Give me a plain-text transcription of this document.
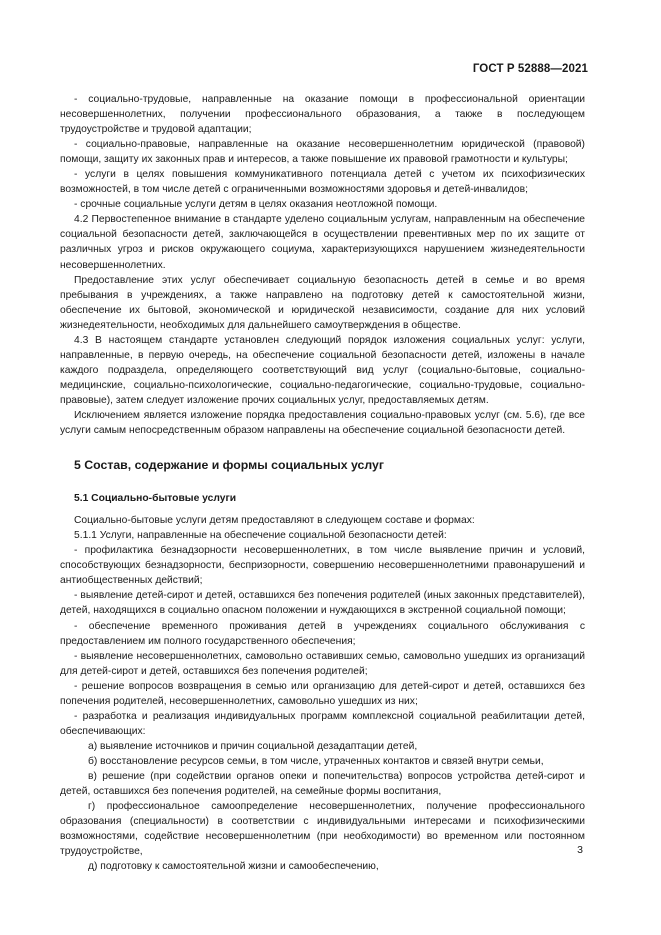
ГОСТ Р 52888—2021

- социально-трудовые, направленные на оказание помощи в профессиональной ориентации несовершеннолетних, получении профессионального образования, а также в последующем трудоустройстве и трудовой адаптации;

- социально-правовые, направленные на оказание несовершеннолетним юридической (правовой) помощи, защиту их законных прав и интересов, а также повышение их правовой грамотности и культуры;

- услуги в целях повышения коммуникативного потенциала детей с учетом их психофизических возможностей, в том числе детей с ограниченными возможностями здоровья и детей-инвалидов;

- срочные социальные услуги детям в целях оказания неотложной помощи.

4.2 Первостепенное внимание в стандарте уделено социальным услугам, направленным на обеспечение социальной безопасности детей, заключающейся в осуществлении превентивных мер по их защите от различных угроз и рисков окружающего социума, характеризующихся нарушением жизнедеятельности несовершеннолетних.

Предоставление этих услуг обеспечивает социальную безопасность детей в семье и во время пребывания в учреждениях, а также направлено на подготовку детей к самостоятельной жизни, обеспечение их бытовой, экономической и юридической независимости, создание для них условий жизнедеятельности, необходимых для дальнейшего самоутверждения в обществе.

4.3 В настоящем стандарте установлен следующий порядок изложения социальных услуг: услуги, направленные, в первую очередь, на обеспечение социальной безопасности детей, изложены в начале каждого подраздела, определяющего соответствующий вид услуг (социально-бытовые, социально-медицинские, социально-психологические, социально-педагогические, социально-трудовые, социально-правовые), затем следует изложение прочих социальных услуг, предоставляемых детям.

Исключением является изложение порядка предоставления социально-правовых услуг (см. 5.6), где все услуги самым непосредственным образом направлены на обеспечение социальной безопасности детей.

5 Состав, содержание и формы социальных услуг
5.1 Социально-бытовые услуги

Социально-бытовые услуги детям предоставляют в следующем составе и формах:

5.1.1 Услуги, направленные на обеспечение социальной безопасности детей:

- профилактика безнадзорности несовершеннолетних, в том числе выявление причин и условий, способствующих безнадзорности, беспризорности, совершению несовершеннолетними правонарушений и антиобщественных действий;

- выявление детей-сирот и детей, оставшихся без попечения родителей (иных законных представителей), детей, находящихся в социально опасном положении и нуждающихся в экстренной социальной помощи;

- обеспечение временного проживания детей в учреждениях социального обслуживания с предоставлением им полного государственного обеспечения;

- выявление несовершеннолетних, самовольно оставивших семью, самовольно ушедших из организаций для детей-сирот и детей, оставшихся без попечения родителей;

- решение вопросов возвращения в семью или организацию для детей-сирот и детей, оставшихся без попечения родителей, несовершеннолетних, самовольно ушедших из них;

- разработка и реализация индивидуальных программ комплексной социальной реабилитации детей, обеспечивающих:

а) выявление источников и причин социальной дезадаптации детей,

б) восстановление ресурсов семьи, в том числе, утраченных контактов и связей внутри семьи,

в) решение (при содействии органов опеки и попечительства) вопросов устройства детей-сирот и детей, оставшихся без попечения родителей, на семейные формы воспитания,

г) профессиональное самоопределение несовершеннолетних, получение профессионального образования (специальности) в соответствии с индивидуальными интересами и психофизическими возможностями, содействие несовершеннолетним (при необходимости) во временном или постоянном трудоустройстве,

д) подготовку к самостоятельной жизни и самообеспечению,

3
